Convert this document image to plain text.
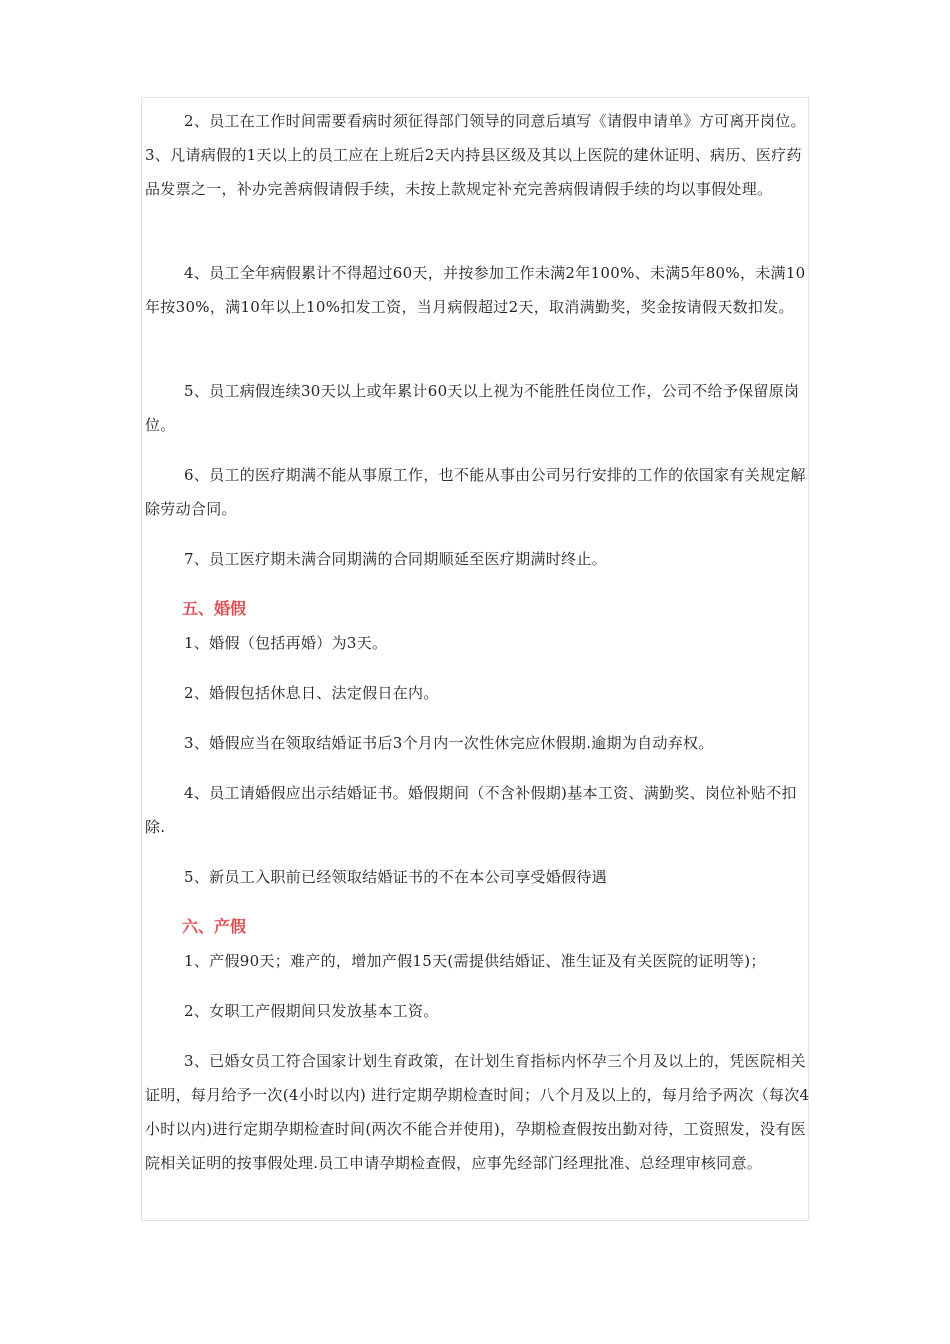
2、员工在工作时间需要看病时须征得部门领导的同意后填写《请假申请单》方可离开岗位。3、凡请病假的1天以上的员工应在上班后2天内持县区级及其以上医院的建休证明、病历、医疗药品发票之一，补办完善病假请假手续，未按上款规定补充完善病假请假手续的均以事假处理。

4、员工全年病假累计不得超过60天，并按参加工作未满2年100%、未满5年80%，未满10年按30%，满10年以上10%扣发工资，当月病假超过2天，取消满勤奖，奖金按请假天数扣发。

5、员工病假连续30天以上或年累计60天以上视为不能胜任岗位工作，公司不给予保留原岗位。

6、员工的医疗期满不能从事原工作，也不能从事由公司另行安排的工作的依国家有关规定解除劳动合同。

7、员工医疗期未满合同期满的合同期顺延至医疗期满时终止。

五、婚假

1、婚假（包括再婚）为3天。

2、婚假包括休息日、法定假日在内。

3、婚假应当在领取结婚证书后3个月内一次性休完应休假期.逾期为自动弃权。

4、员工请婚假应出示结婚证书。婚假期间（不含补假期)基本工资、满勤奖、岗位补贴不扣除.

5、新员工入职前已经领取结婚证书的不在本公司享受婚假待遇

六、产假

1、产假90天；难产的，增加产假15天(需提供结婚证、准生证及有关医院的证明等)；

2、女职工产假期间只发放基本工资。

3、已婚女员工符合国家计划生育政策，在计划生育指标内怀孕三个月及以上的，凭医院相关证明，每月给予一次(4小时以内) 进行定期孕期检查时间；八个月及以上的，每月给予两次（每次4小时以内)进行定期孕期检查时间(两次不能合并使用)，孕期检查假按出勤对待，工资照发，没有医院相关证明的按事假处理.员工申请孕期检查假，应事先经部门经理批准、总经理审核同意。
